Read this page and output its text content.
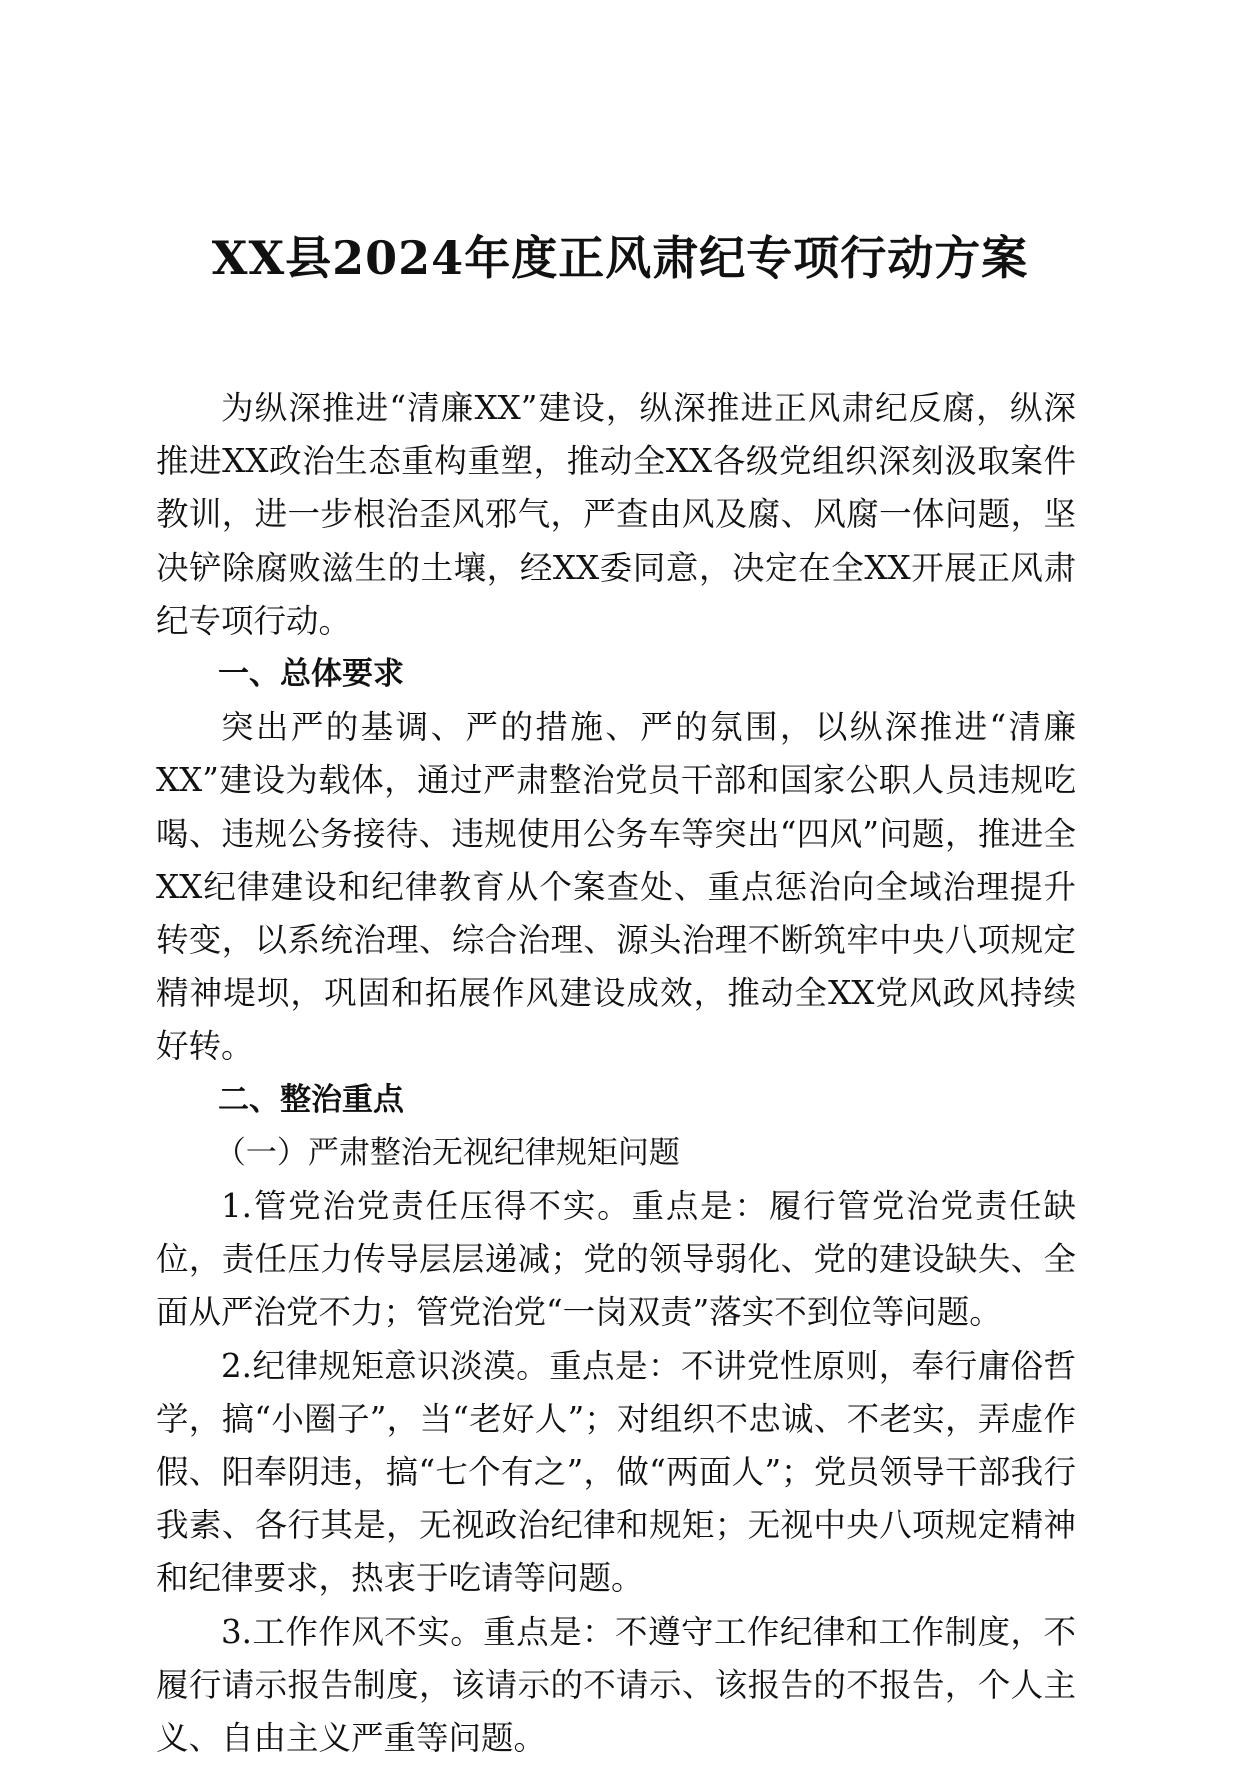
XX县2024年度正风肃纪专项行动方案

为纵深推进“清廉XX”建设，纵深推进正风肃纪反腐，纵深推进XX政治生态重构重塑，推动全XX各级党组织深刻汲取案件教训，进一步根治歪风邪气，严查由风及腐、风腐一体问题，坚决铲除腐败滋生的土壤，经XX委同意，决定在全XX开展正风肃纪专项行动。

一、总体要求

突出严的基调、严的措施、严的氛围，以纵深推进“清廉XX”建设为载体，通过严肃整治党员干部和国家公职人员违规吃喝、违规公务接待、违规使用公务车等突出“四风”问题，推进全XX纪律建设和纪律教育从个案查处、重点惩治向全域治理提升转变，以系统治理、综合治理、源头治理不断筑牢中央八项规定精神堤坝，巩固和拓展作风建设成效，推动全XX党风政风持续好转。

二、整治重点

（一）严肃整治无视纪律规矩问题

1.管党治党责任压得不实。重点是：履行管党治党责任缺位，责任压力传导层层递减；党的领导弱化、党的建设缺失、全面从严治党不力；管党治党“一岗双责”落实不到位等问题。

2.纪律规矩意识淡漠。重点是：不讲党性原则，奉行庸俗哲学，搞“小圈子”，当“老好人”；对组织不忠诚、不老实，弄虚作假、阳奉阴违，搞“七个有之”，做“两面人”；党员领导干部我行我素、各行其是，无视政治纪律和规矩；无视中央八项规定精神和纪律要求，热衷于吃请等问题。

3.工作作风不实。重点是：不遵守工作纪律和工作制度，不履行请示报告制度，该请示的不请示、该报告的不报告，个人主义、自由主义严重等问题。
